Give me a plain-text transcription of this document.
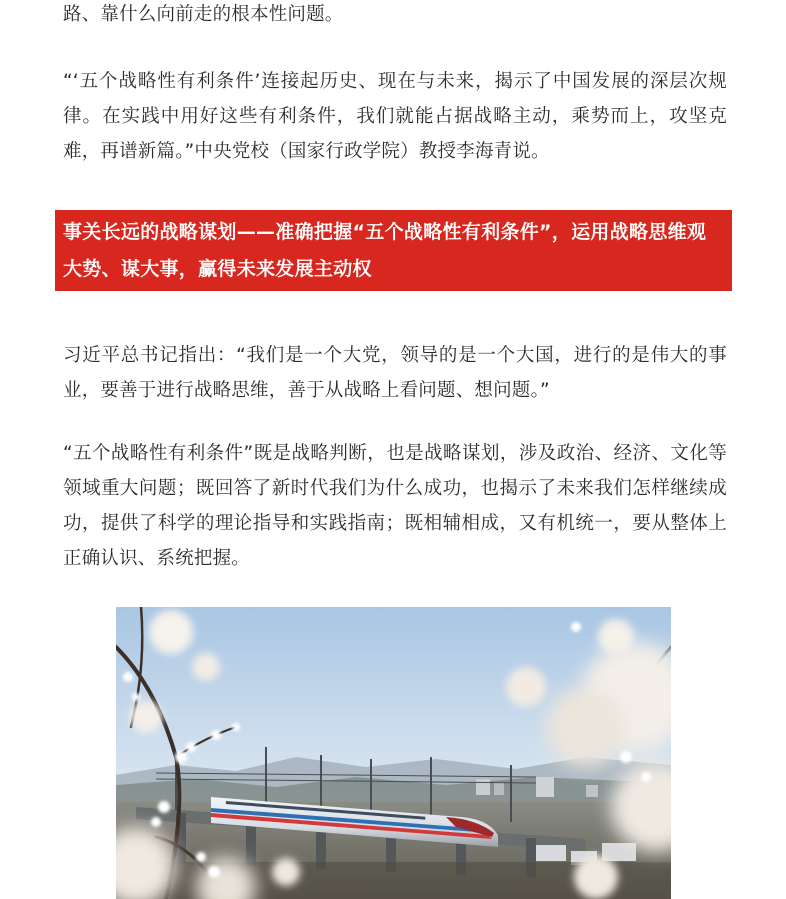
路、靠什么向前走的根本性问题。

“‘五个战略性有利条件’连接起历史、现在与未来，揭示了中国发展的深层次规律。在实践中用好这些有利条件，我们就能占据战略主动，乘势而上，攻坚克难，再谱新篇。”中央党校（国家行政学院）教授李海青说。

事关长远的战略谋划——准确把握“五个战略性有利条件”，运用战略思维观大势、谋大事，赢得未来发展主动权

习近平总书记指出：“我们是一个大党，领导的是一个大国，进行的是伟大的事业，要善于进行战略思维，善于从战略上看问题、想问题。”

“五个战略性有利条件”既是战略判断，也是战略谋划，涉及政治、经济、文化等领域重大问题；既回答了新时代我们为什么成功，也揭示了未来我们怎样继续成功，提供了科学的理论指导和实践指南；既相辅相成，又有机统一，要从整体上正确认识、系统把握。
